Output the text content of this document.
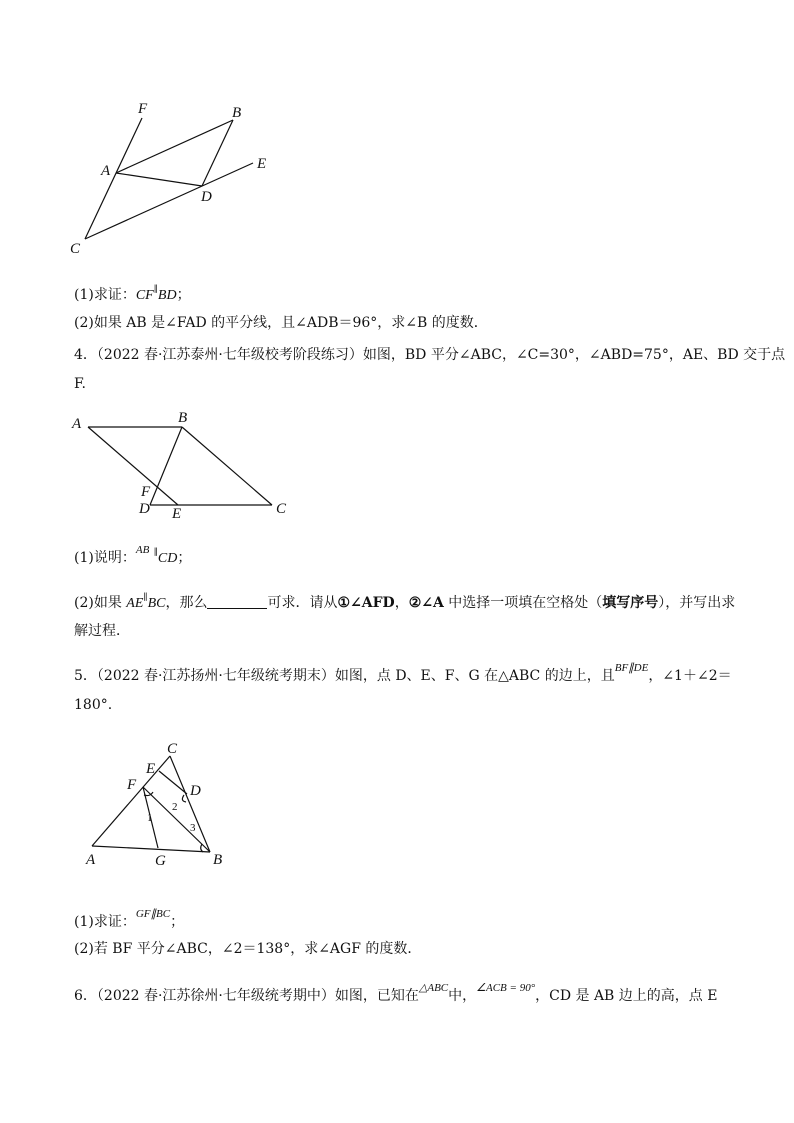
F	B
A	E
D
C
(1)求证：CF∥BD；
(2)如果 AB 是∠FAD 的平分线，且∠ADB＝96°，求∠B 的度数．
4．（2022 春·江苏泰州·七年级校考阶段练习）如图，BD 平分∠ABC，∠C=30°，∠ABD=75°，AE、BD 交于点
F.
A	B
F
D E	C
(1)说明：$^{AB}$ ∥CD；
(2)如果 AE∥BC，那么	可求．请从①∠AFD，②∠A 中选择一项填在空格处（填写序号），并写出求
解过程．
5．（2022 春·江苏扬州·七年级统考期末）如图，点 D、E、F、G 在△ABC 的边上，且$^{BF\parallel DE}$，∠1＋∠2＝
180°.
C
E
D
F
2
1
3
A	G	B
(1)求证：$^{GF\parallel BC}$；
(2)若 BF 平分∠ABC，∠2＝138°，求∠AGF 的度数．
6．（2022 春·江苏徐州·七年级统考期中）如图，已知在$^{\triangle ABC}$中，$^{\angle ACB = 90^\circ}$，CD 是 AB 边上的高，点 E
